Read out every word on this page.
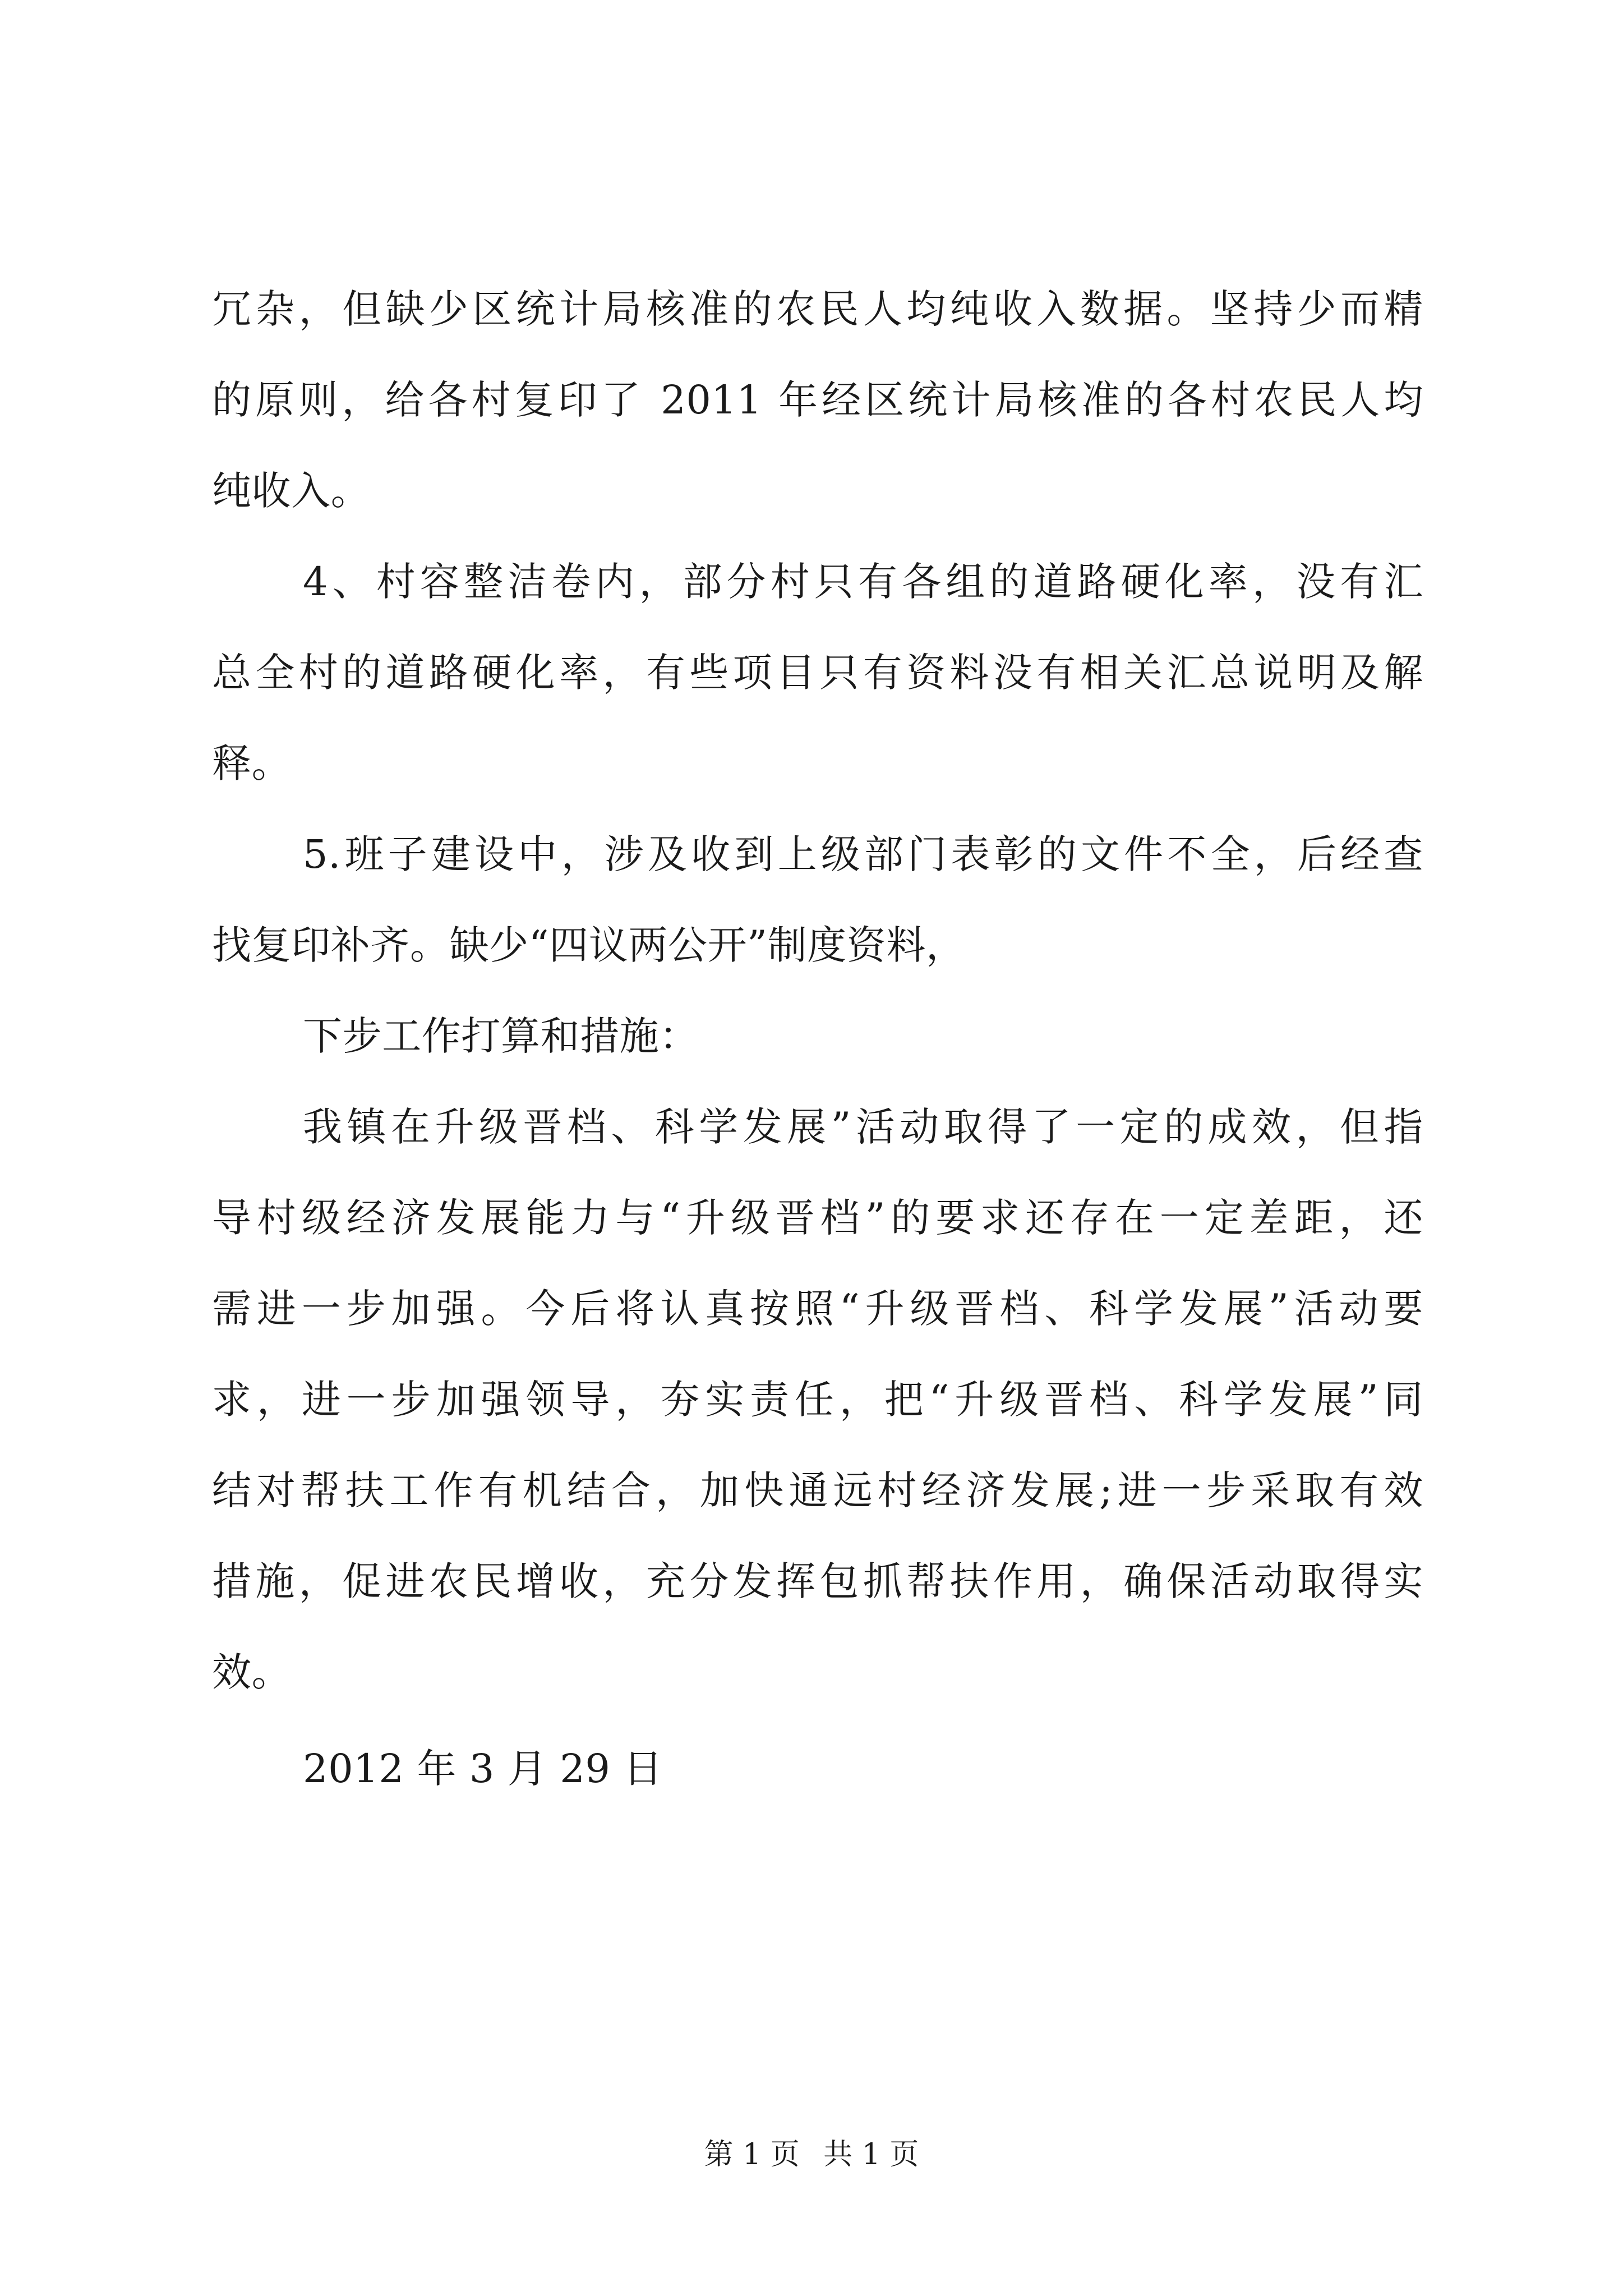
冗杂，但缺少区统计局核准的农民人均纯收入数据。坚持少而精

的原则，给各村复印了 2011 年经区统计局核准的各村农民人均

纯收入。

4、村容整洁卷内，部分村只有各组的道路硬化率，没有汇

总全村的道路硬化率，有些项目只有资料没有相关汇总说明及解

释。

5.班子建设中，涉及收到上级部门表彰的文件不全，后经查

找复印补齐。缺少“四议两公开”制度资料，

下步工作打算和措施：

我镇在升级晋档、科学发展”活动取得了一定的成效，但指

导村级经济发展能力与“升级晋档”的要求还存在一定差距，还

需进一步加强。今后将认真按照“升级晋档、科学发展”活动要

求，进一步加强领导，夯实责任，把“升级晋档、科学发展”同

结对帮扶工作有机结合，加快通远村经济发展;进一步采取有效

措施，促进农民增收，充分发挥包抓帮扶作用，确保活动取得实

效。

2012 年 3 月 29 日

第 1 页 共 1 页
